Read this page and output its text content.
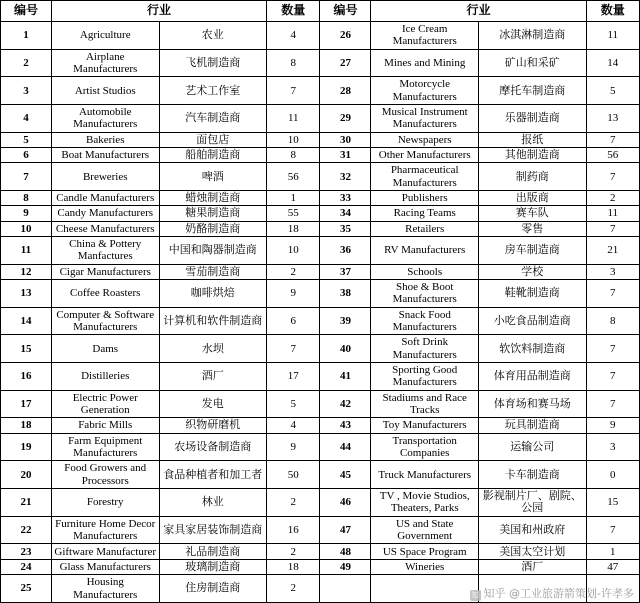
编号	行业		数量	编号	行业		数量
1	Agriculture	农业	4	26	Ice Cream Manufacturers	冰淇淋制造商	11
2	Airplane Manufacturers	飞机制造商	8	27	Mines and Mining	矿山和采矿	14
3	Artist Studios	艺术工作室	7	28	Motorcycle Manufacturers	摩托车制造商	5
4	Automobile Manufacturers	汽车制造商	11	29	Musical Instrument Manufacturers	乐器制造商	13
5	Bakeries	面包店	10	30	Newspapers	报纸	7
6	Boat Manufacturers	船舶制造商	8	31	Other Manufacturers	其他制造商	56
7	Breweries	啤酒	56	32	Pharmaceutical Manufacturers	制药商	7
8	Candle Manufacturers	蜡烛制造商	1	33	Publishers	出版商	2
9	Candy Manufacturers	糖果制造商	55	34	Racing Teams	赛车队	11
10	Cheese Manufacturers	奶酪制造商	18	35	Retailers	零售	7
11	China & Pottery Manfactures	中国和陶器制造商	10	36	RV Manufacturers	房车制造商	21
12	Cigar Manufacturers	雪茄制造商	2	37	Schools	学校	3
13	Coffee Roasters	咖啡烘焙	9	38	Shoe & Boot Manufacturers	鞋靴制造商	7
14	Computer & Software Manufacturers	计算机和软件制造商	6	39	Snack Food Manufacturers	小吃食品制造商	8
15	Dams	水坝	7	40	Soft Drink Manufacturers	软饮料制造商	7
16	Distilleries	酒厂	17	41	Sporting Good Manufacturers	体育用品制造商	7
17	Electric Power Generation	发电	5	42	Stadiums and Race Tracks	体育场和赛马场	7
18	Fabric Mills	织物研磨机	4	43	Toy Manufacturers	玩具制造商	9
19	Farm Equipment Manufacturers	农场设备制造商	9	44	Transportation Companies	运输公司	3
20	Food Growers and Processors	食品种植者和加工者	50	45	Truck Manufacturers	卡车制造商	0
21	Forestry	林业	2	46	TV , Movie Studios, Theaters, Parks	影视制片厂、剧院、公园	15
22	Furniture Home Decor Manufacturers	家具家居装饰制造商	16	47	US and State Government	美国和州政府	7
23	Giftware Manufacturer	礼品制造商	2	48	US Space Program	美国太空计划	1
24	Glass Manufacturers	玻璃制造商	18	49	Wineries	酒厂	47
25	Housing Manufacturers	住房制造商	2				
知 知乎 @工业旅游箭策划-许孝多
